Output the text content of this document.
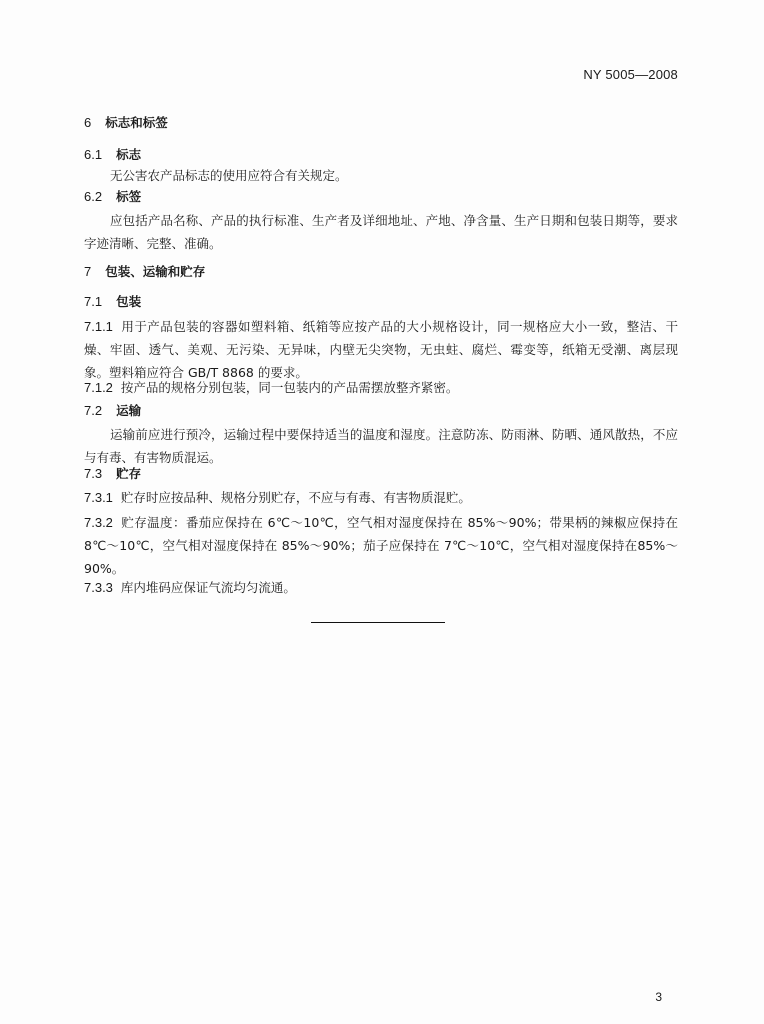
NY 5005—2008
6 标志和标签
6.1 标志
无公害农产品标志的使用应符合有关规定。
6.2 标签
应包括产品名称、产品的执行标准、生产者及详细地址、产地、净含量、生产日期和包装日期等，要求字迹清晰、完整、准确。
7 包装、运输和贮存
7.1 包装
7.1.1 用于产品包装的容器如塑料箱、纸箱等应按产品的大小规格设计，同一规格应大小一致，整洁、干燥、牢固、透气、美观、无污染、无异味，内壁无尖突物，无虫蛀、腐烂、霉变等，纸箱无受潮、离层现象。塑料箱应符合 GB/T 8868 的要求。
7.1.2 按产品的规格分别包装，同一包装内的产品需摆放整齐紧密。
7.2 运输
运输前应进行预冷，运输过程中要保持适当的温度和湿度。注意防冻、防雨淋、防晒、通风散热，不应与有毒、有害物质混运。
7.3 贮存
7.3.1 贮存时应按品种、规格分别贮存，不应与有毒、有害物质混贮。
7.3.2 贮存温度：番茄应保持在 6℃～10℃，空气相对湿度保持在 85%～90%；带果柄的辣椒应保持在 8℃～10℃，空气相对湿度保持在 85%～90%；茄子应保持在 7℃～10℃，空气相对湿度保持在85%～90%。
7.3.3 库内堆码应保证气流均匀流通。
3
